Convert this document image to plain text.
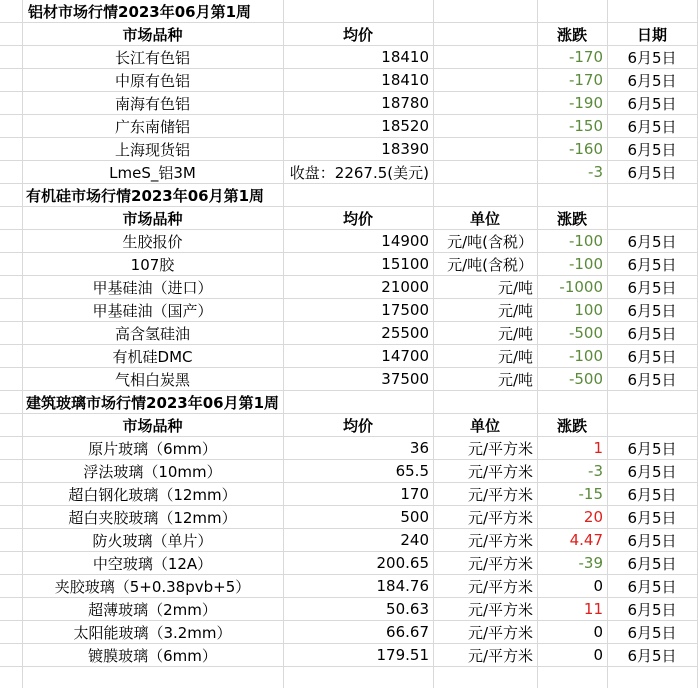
铝材市场行情2023年06月第1周
市场品种	均价	涨跌	日期
长江有色铝	18410	-170	6月5日
中原有色铝	18410	-170	6月5日
南海有色铝	18780	-190	6月5日
广东南储铝	18520	-150	6月5日
上海现货铝	18390	-160	6月5日
LmeS_铝3M	收盘：2267.5(美元)	-3	6月5日
有机硅市场行情2023年06月第1周
市场品种	均价	单位	涨跌
生胶报价	14900	元/吨(含税）	-100	6月5日
107胶	15100	元/吨(含税）	-100	6月5日
甲基硅油（进口）	21000	元/吨	-1000	6月5日
甲基硅油（国产）	17500	元/吨	100	6月5日
高含氢硅油	25500	元/吨	-500	6月5日
有机硅DMC	14700	元/吨	-100	6月5日
气相白炭黑	37500	元/吨	-500	6月5日
建筑玻璃市场行情2023年06月第1周
市场品种	均价	单位	涨跌
原片玻璃（6mm）	36	元/平方米	1	6月5日
浮法玻璃（10mm）	65.5	元/平方米	-3	6月5日
超白钢化玻璃（12mm）	170	元/平方米	-15	6月5日
超白夹胶玻璃（12mm）	500	元/平方米	20	6月5日
防火玻璃（单片）	240	元/平方米	4.47	6月5日
中空玻璃（12A）	200.65	元/平方米	-39	6月5日
夹胶玻璃（5+0.38pvb+5）	184.76	元/平方米	0	6月5日
超薄玻璃（2mm）	50.63	元/平方米	11	6月5日
太阳能玻璃（3.2mm）	66.67	元/平方米	0	6月5日
镀膜玻璃（6mm）	179.51	元/平方米	0	6月5日
